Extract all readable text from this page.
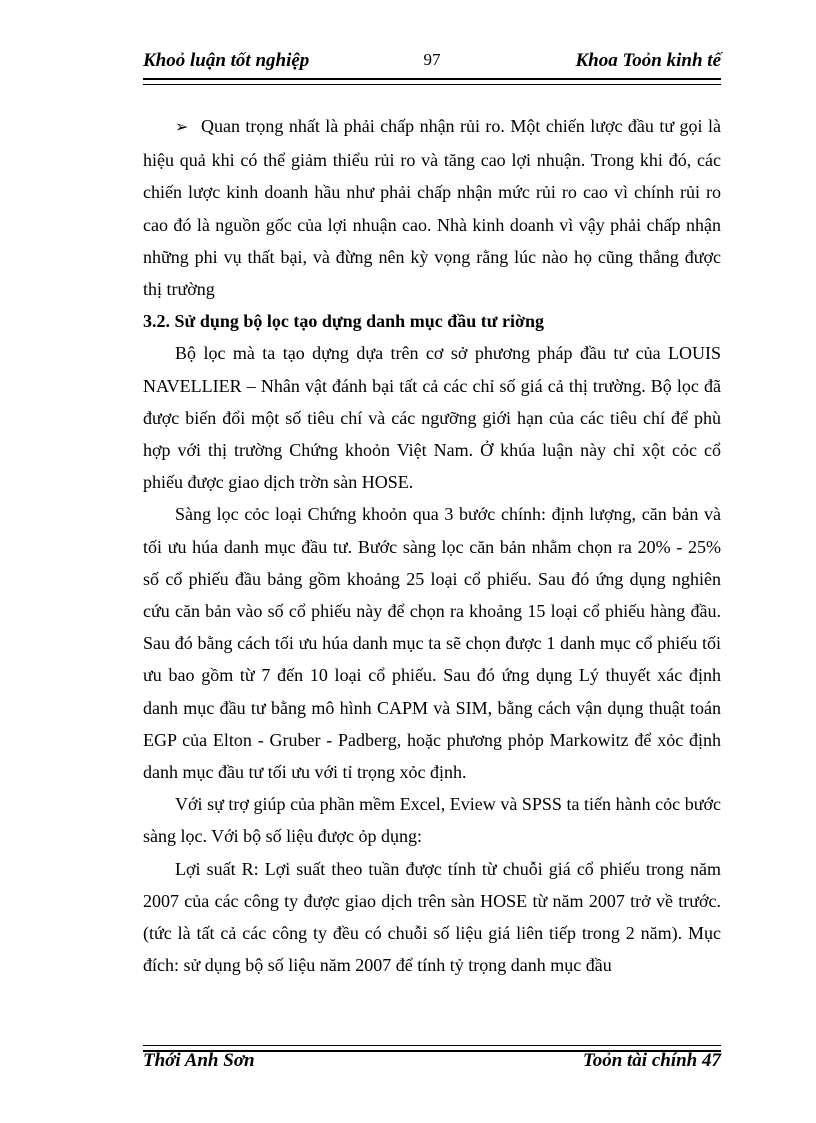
Khoỏ luận tốt nghiệp	97	Khoa Toỏn kinh tế

➢ Quan trọng nhất là phải chấp nhận rủi ro. Một chiến lược đầu tư gọi là hiệu quả khi có thể giảm thiểu rủi ro và tăng cao lợi nhuận. Trong khi đó, các chiến lược kinh doanh hầu như phải chấp nhận mức rủi ro cao vì chính rủi ro cao đó là nguồn gốc của lợi nhuận cao. Nhà kinh doanh vì vậy phải chấp nhận những phi vụ thất bại, và đừng nên kỳ vọng rằng lúc nào họ cũng thắng được thị trường

3.2. Sử dụng bộ lọc tạo dựng danh mục đầu tư riờng

Bộ lọc mà ta tạo dựng dựa trên cơ sở phương pháp đầu tư của LOUIS NAVELLIER – Nhân vật đánh bại tất cả các chỉ số giá cả thị trường. Bộ lọc đã được biến đổi một số tiêu chí và các ngưỡng giới hạn của các tiêu chí để phù hợp với thị trường Chứng khoỏn Việt Nam. Ở khúa luận này chỉ xột cỏc cổ phiếu được giao dịch trờn sàn HOSE.

Sàng lọc cỏc loại Chứng khoỏn qua 3 bước chính: định lượng, căn bản và tối ưu húa danh mục đầu tư. Bước sàng lọc căn bản nhằm chọn ra 20% - 25% số cổ phiếu đầu bảng gồm khoảng 25 loại cổ phiếu. Sau đó ứng dụng nghiên cứu căn bản vào số cổ phiếu này để chọn ra khoảng 15 loại cổ phiếu hàng đầu. Sau đó bằng cách tối ưu húa danh mục ta sẽ chọn được 1 danh mục cổ phiếu tối ưu bao gồm từ 7 đến 10 loại cổ phiếu. Sau đó ứng dụng Lý thuyết xác định danh mục đầu tư bằng mô hình CAPM và SIM, bằng cách vận dụng thuật toán EGP của Elton - Gruber - Padberg, hoặc phương phỏp Markowitz để xỏc định danh mục đầu tư tối ưu với tỉ trọng xỏc định.

Với sự trợ giúp của phần mềm Excel, Eview và SPSS ta tiến hành cỏc bước sàng lọc. Với bộ số liệu được ỏp dụng:

Lợi suất R: Lợi suất theo tuần được tính từ chuỗi giá cổ phiếu trong năm 2007 của các công ty được giao dịch trên sàn HOSE từ năm 2007 trở về trước. (tức là tất cả các công ty đều có chuỗi số liệu giá liên tiếp trong 2 năm). Mục đích: sử dụng bộ số liệu năm 2007 để tính tỷ trọng danh mục đầu

Thới Anh Sơn	Toỏn tài chính 47
